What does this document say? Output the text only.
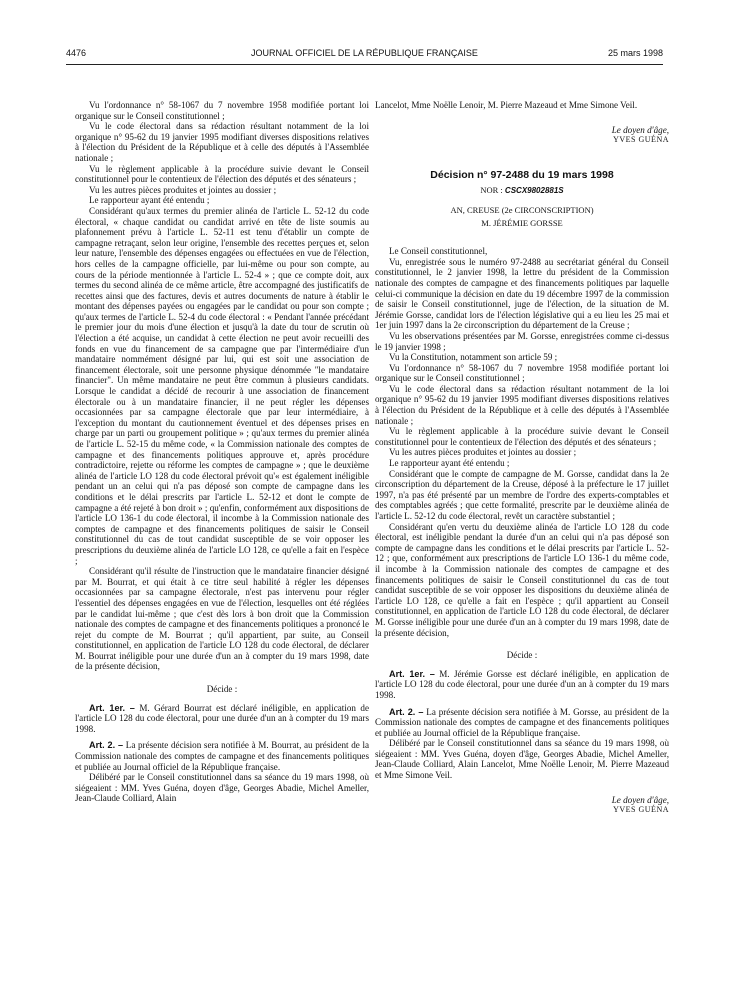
4476	JOURNAL OFFICIEL DE LA RÉPUBLIQUE FRANÇAISE	25 mars 1998

Vu l'ordonnance n° 58-1067 du 7 novembre 1958 modifiée portant loi organique sur le Conseil constitutionnel ;

Vu le code électoral dans sa rédaction résultant notamment de la loi organique n° 95-62 du 19 janvier 1995 modifiant diverses dispositions relatives à l'élection du Président de la République et à celle des députés à l'Assemblée nationale ;

Vu le règlement applicable à la procédure suivie devant le Conseil constitutionnel pour le contentieux de l'élection des députés et des sénateurs ;

Vu les autres pièces produites et jointes au dossier ;

Le rapporteur ayant été entendu ;

Considérant qu'aux termes du premier alinéa de l'article L. 52-12 du code électoral, « chaque candidat ou candidat arrivé en tête de liste soumis au plafonnement prévu à l'article L. 52-11 est tenu d'établir un compte de campagne retraçant, selon leur origine, l'ensemble des recettes perçues et, selon leur nature, l'ensemble des dépenses engagées ou effectuées en vue de l'élection, hors celles de la campagne officielle, par lui-même ou pour son compte, au cours de la période mentionnée à l'article L. 52-4 » ; que ce compte doit, aux termes du second alinéa de ce même article, être accompagné des justificatifs de recettes ainsi que des factures, devis et autres documents de nature à établir le montant des dépenses payées ou engagées par le candidat ou pour son compte ; qu'aux termes de l'article L. 52-4 du code électoral : « Pendant l'année précédant le premier jour du mois d'une élection et jusqu'à la date du tour de scrutin où l'élection a été acquise, un candidat à cette élection ne peut avoir recueilli des fonds en vue du financement de sa campagne que par l'intermédiaire d'un mandataire nommément désigné par lui, qui est soit une association de financement électorale, soit une personne physique dénommée "le mandataire financier". Un même mandataire ne peut être commun à plusieurs candidats. Lorsque le candidat a décidé de recourir à une association de financement électorale ou à un mandataire financier, il ne peut régler les dépenses occasionnées par sa campagne électorale que par leur intermédiaire, à l'exception du montant du cautionnement éventuel et des dépenses prises en charge par un parti ou groupement politique » ; qu'aux termes du premier alinéa de l'article L. 52-15 du même code, « la Commission nationale des comptes de campagne et des financements politiques approuve et, après procédure contradictoire, rejette ou réforme les comptes de campagne » ; que le deuxième alinéa de l'article LO 128 du code électoral prévoit qu'« est également inéligible pendant un an celui qui n'a pas déposé son compte de campagne dans les conditions et le délai prescrits par l'article L. 52-12 et dont le compte de campagne a été rejeté à bon droit » ; qu'enfin, conformément aux dispositions de l'article LO 136-1 du code électoral, il incombe à la Commission nationale des comptes de campagne et des financements politiques de saisir le Conseil constitutionnel du cas de tout candidat susceptible de se voir opposer les prescriptions du deuxième alinéa de l'article LO 128, ce qu'elle a fait en l'espèce ;

Considérant qu'il résulte de l'instruction que le mandataire financier désigné par M. Bourrat, et qui était à ce titre seul habilité à régler les dépenses occasionnées par sa campagne électorale, n'est pas intervenu pour régler l'essentiel des dépenses engagées en vue de l'élection, lesquelles ont été réglées par le candidat lui-même ; que c'est dès lors à bon droit que la Commission nationale des comptes de campagne et des financements politiques a prononcé le rejet du compte de M. Bourrat ; qu'il appartient, par suite, au Conseil constitutionnel, en application de l'article LO 128 du code électoral, de déclarer M. Bourrat inéligible pour une durée d'un an à compter du 19 mars 1998, date de la présente décision,

Décide :

Art. 1er. – M. Gérard Bourrat est déclaré inéligible, en application de l'article LO 128 du code électoral, pour une durée d'un an à compter du 19 mars 1998.

Art. 2. – La présente décision sera notifiée à M. Bourrat, au président de la Commission nationale des comptes de campagne et des financements politiques et publiée au Journal officiel de la République française.

Délibéré par le Conseil constitutionnel dans sa séance du 19 mars 1998, où siégeaient : MM. Yves Guéna, doyen d'âge, Georges Abadie, Michel Ameller, Jean-Claude Colliard, Alain

Lancelot, Mme Noëlle Lenoir, M. Pierre Mazeaud et Mme Simone Veil.

Le doyen d'âge,
YVES GUÉNA

Décision n° 97-2488 du 19 mars 1998

NOR : CSCX9802881S

AN, CREUSE (2e CIRCONSCRIPTION)

M. JÉRÉMIE GORSSE

Le Conseil constitutionnel,

Vu, enregistrée sous le numéro 97-2488 au secrétariat général du Conseil constitutionnel, le 2 janvier 1998, la lettre du président de la Commission nationale des comptes de campagne et des financements politiques par laquelle celui-ci communique la décision en date du 19 décembre 1997 de la commission de saisir le Conseil constitutionnel, juge de l'élection, de la situation de M. Jérémie Gorsse, candidat lors de l'élection législative qui a eu lieu les 25 mai et 1er juin 1997 dans la 2e circonscription du département de la Creuse ;

Vu les observations présentées par M. Gorsse, enregistrées comme ci-dessus le 19 janvier 1998 ;

Vu la Constitution, notamment son article 59 ;

Vu l'ordonnance n° 58-1067 du 7 novembre 1958 modifiée portant loi organique sur le Conseil constitutionnel ;

Vu le code électoral dans sa rédaction résultant notamment de la loi organique n° 95-62 du 19 janvier 1995 modifiant diverses dispositions relatives à l'élection du Président de la République et à celle des députés à l'Assemblée nationale ;

Vu le règlement applicable à la procédure suivie devant le Conseil constitutionnel pour le contentieux de l'élection des députés et des sénateurs ;

Vu les autres pièces produites et jointes au dossier ;

Le rapporteur ayant été entendu ;

Considérant que le compte de campagne de M. Gorsse, candidat dans la 2e circonscription du département de la Creuse, déposé à la préfecture le 17 juillet 1997, n'a pas été présenté par un membre de l'ordre des experts-comptables et des comptables agréés ; que cette formalité, prescrite par le deuxième alinéa de l'article L. 52-12 du code électoral, revêt un caractère substantiel ;

Considérant qu'en vertu du deuxième alinéa de l'article LO 128 du code électoral, est inéligible pendant la durée d'un an celui qui n'a pas déposé son compte de campagne dans les conditions et le délai prescrits par l'article L. 52-12 ; que, conformément aux prescriptions de l'article LO 136-1 du même code, il incombe à la Commission nationale des comptes de campagne et des financements politiques de saisir le Conseil constitutionnel du cas de tout candidat susceptible de se voir opposer les dispositions du deuxième alinéa de l'article LO 128, ce qu'elle a fait en l'espèce ; qu'il appartient au Conseil constitutionnel, en application de l'article LO 128 du code électoral, de déclarer M. Gorsse inéligible pour une durée d'un an à compter du 19 mars 1998, date de la présente décision,

Décide :

Art. 1er. – M. Jérémie Gorsse est déclaré inéligible, en application de l'article LO 128 du code électoral, pour une durée d'un an à compter du 19 mars 1998.

Art. 2. – La présente décision sera notifiée à M. Gorsse, au président de la Commission nationale des comptes de campagne et des financements politiques et publiée au Journal officiel de la République française.

Délibéré par le Conseil constitutionnel dans sa séance du 19 mars 1998, où siégeaient : MM. Yves Guéna, doyen d'âge, Georges Abadie, Michel Ameller, Jean-Claude Colliard, Alain Lancelot, Mme Noëlle Lenoir, M. Pierre Mazeaud et Mme Simone Veil.

Le doyen d'âge,
YVES GUÉNA
